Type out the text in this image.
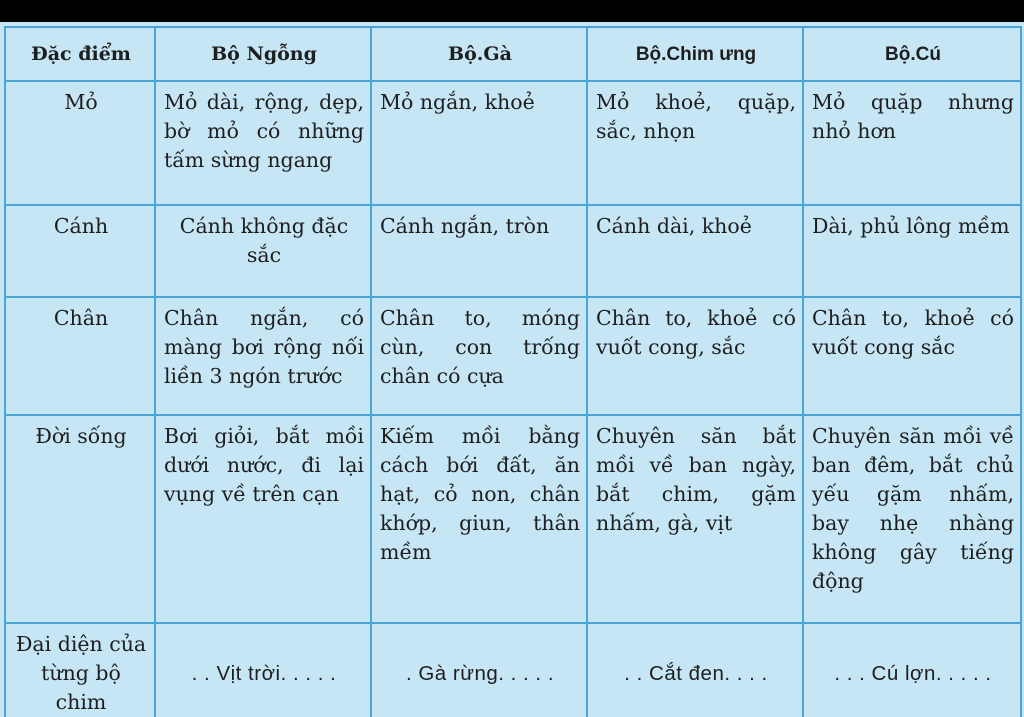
Đặc điểm	Bộ Ngỗng	Bộ.Gà	Bộ.Chim ưng	Bộ.Cú
Mỏ	Mỏ dài, rộng, dẹp, bờ mỏ có những tấm sừng ngang	Mỏ ngắn, khoẻ	Mỏ khoẻ, quặp, sắc, nhọn	Mỏ quặp nhưng nhỏ hơn
Cánh	Cánh không đặc sắc	Cánh ngắn, tròn	Cánh dài, khoẻ	Dài, phủ lông mềm
Chân	Chân ngắn, có màng bơi rộng nối liền 3 ngón trước	Chân to, móng cùn, con trống chân có cựa	Chân to, khoẻ có vuốt cong, sắc	Chân to, khoẻ có vuốt cong sắc
Đời sống	Bơi giỏi, bắt mồi dưới nước, đi lại vụng về trên cạn	Kiếm mồi bằng cách bới đất, ăn hạt, cỏ non, chân khớp, giun, thân mềm	Chuyên săn bắt mồi về ban ngày, bắt chim, gặm nhấm, gà, vịt	Chuyên săn mồi về ban đêm, bắt chủ yếu gặm nhấm, bay nhẹ nhàng không gây tiếng động
Đại diện của từng bộ chim	. . Vịt trời. . . . .	. Gà rừng. . . . .	. . Cắt đen. . . .	. . . Cú lợn. . . . .
